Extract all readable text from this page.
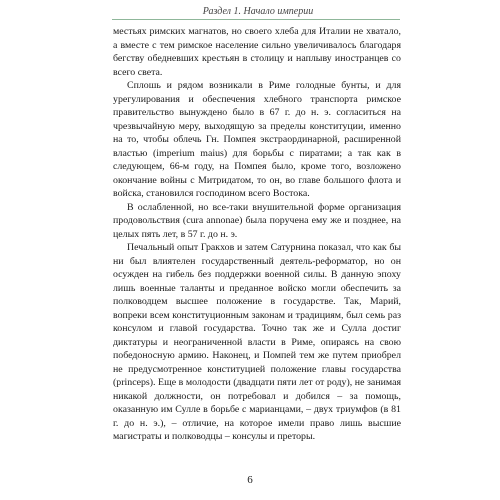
Раздел 1. Начало империи

местьях римских магнатов, но своего хлеба для Италии не хватало, а вместе с тем римское население сильно увеличивалось благодаря бегству обедневших крестьян в столицу и наплыву иностранцев со всего света.

Сплошь и рядом возникали в Риме голодные бунты, и для урегулирования и обеспечения хлебного транспорта римское правительство вынуждено было в 67 г. до н. э. согласиться на чрезвычайную меру, выходящую за пределы конституции, именно на то, чтобы облечь Гн. Помпея экстраординарной, расширенной властью (imperium maius) для борьбы с пиратами; а так как в следующем, 66-м году, на Помпея было, кроме того, возложено окончание войны с Митридатом, то он, во главе большого флота и войска, становился господином всего Востока.

В ослабленной, но все-таки внушительной форме организация продовольствия (cura annonae) была поручена ему же и позднее, на целых пять лет, в 57 г. до н. э.

Печальный опыт Гракхов и затем Сатурнина показал, что как бы ни был влиятелен государственный деятель-реформатор, но он осужден на гибель без поддержки военной силы. В данную эпоху лишь военные таланты и преданное войско могли обеспечить за полководцем высшее положение в государстве. Так, Марий, вопреки всем конституционным законам и традициям, был семь раз консулом и главой государства. Точно так же и Сулла достиг диктатуры и неограниченной власти в Риме, опираясь на свою победоносную армию. Наконец, и Помпей тем же путем приобрел не предусмотренное конституцией положение главы государства (princeps). Еще в молодости (двадцати пяти лет от роду), не занимая никакой должности, он потребовал и добился – за помощь, оказанную им Сулле в борьбе с марианцами, – двух триумфов (в 81 г. до н. э.), – отличие, на которое имели право лишь высшие магистраты и полководцы – консулы и преторы.

6
